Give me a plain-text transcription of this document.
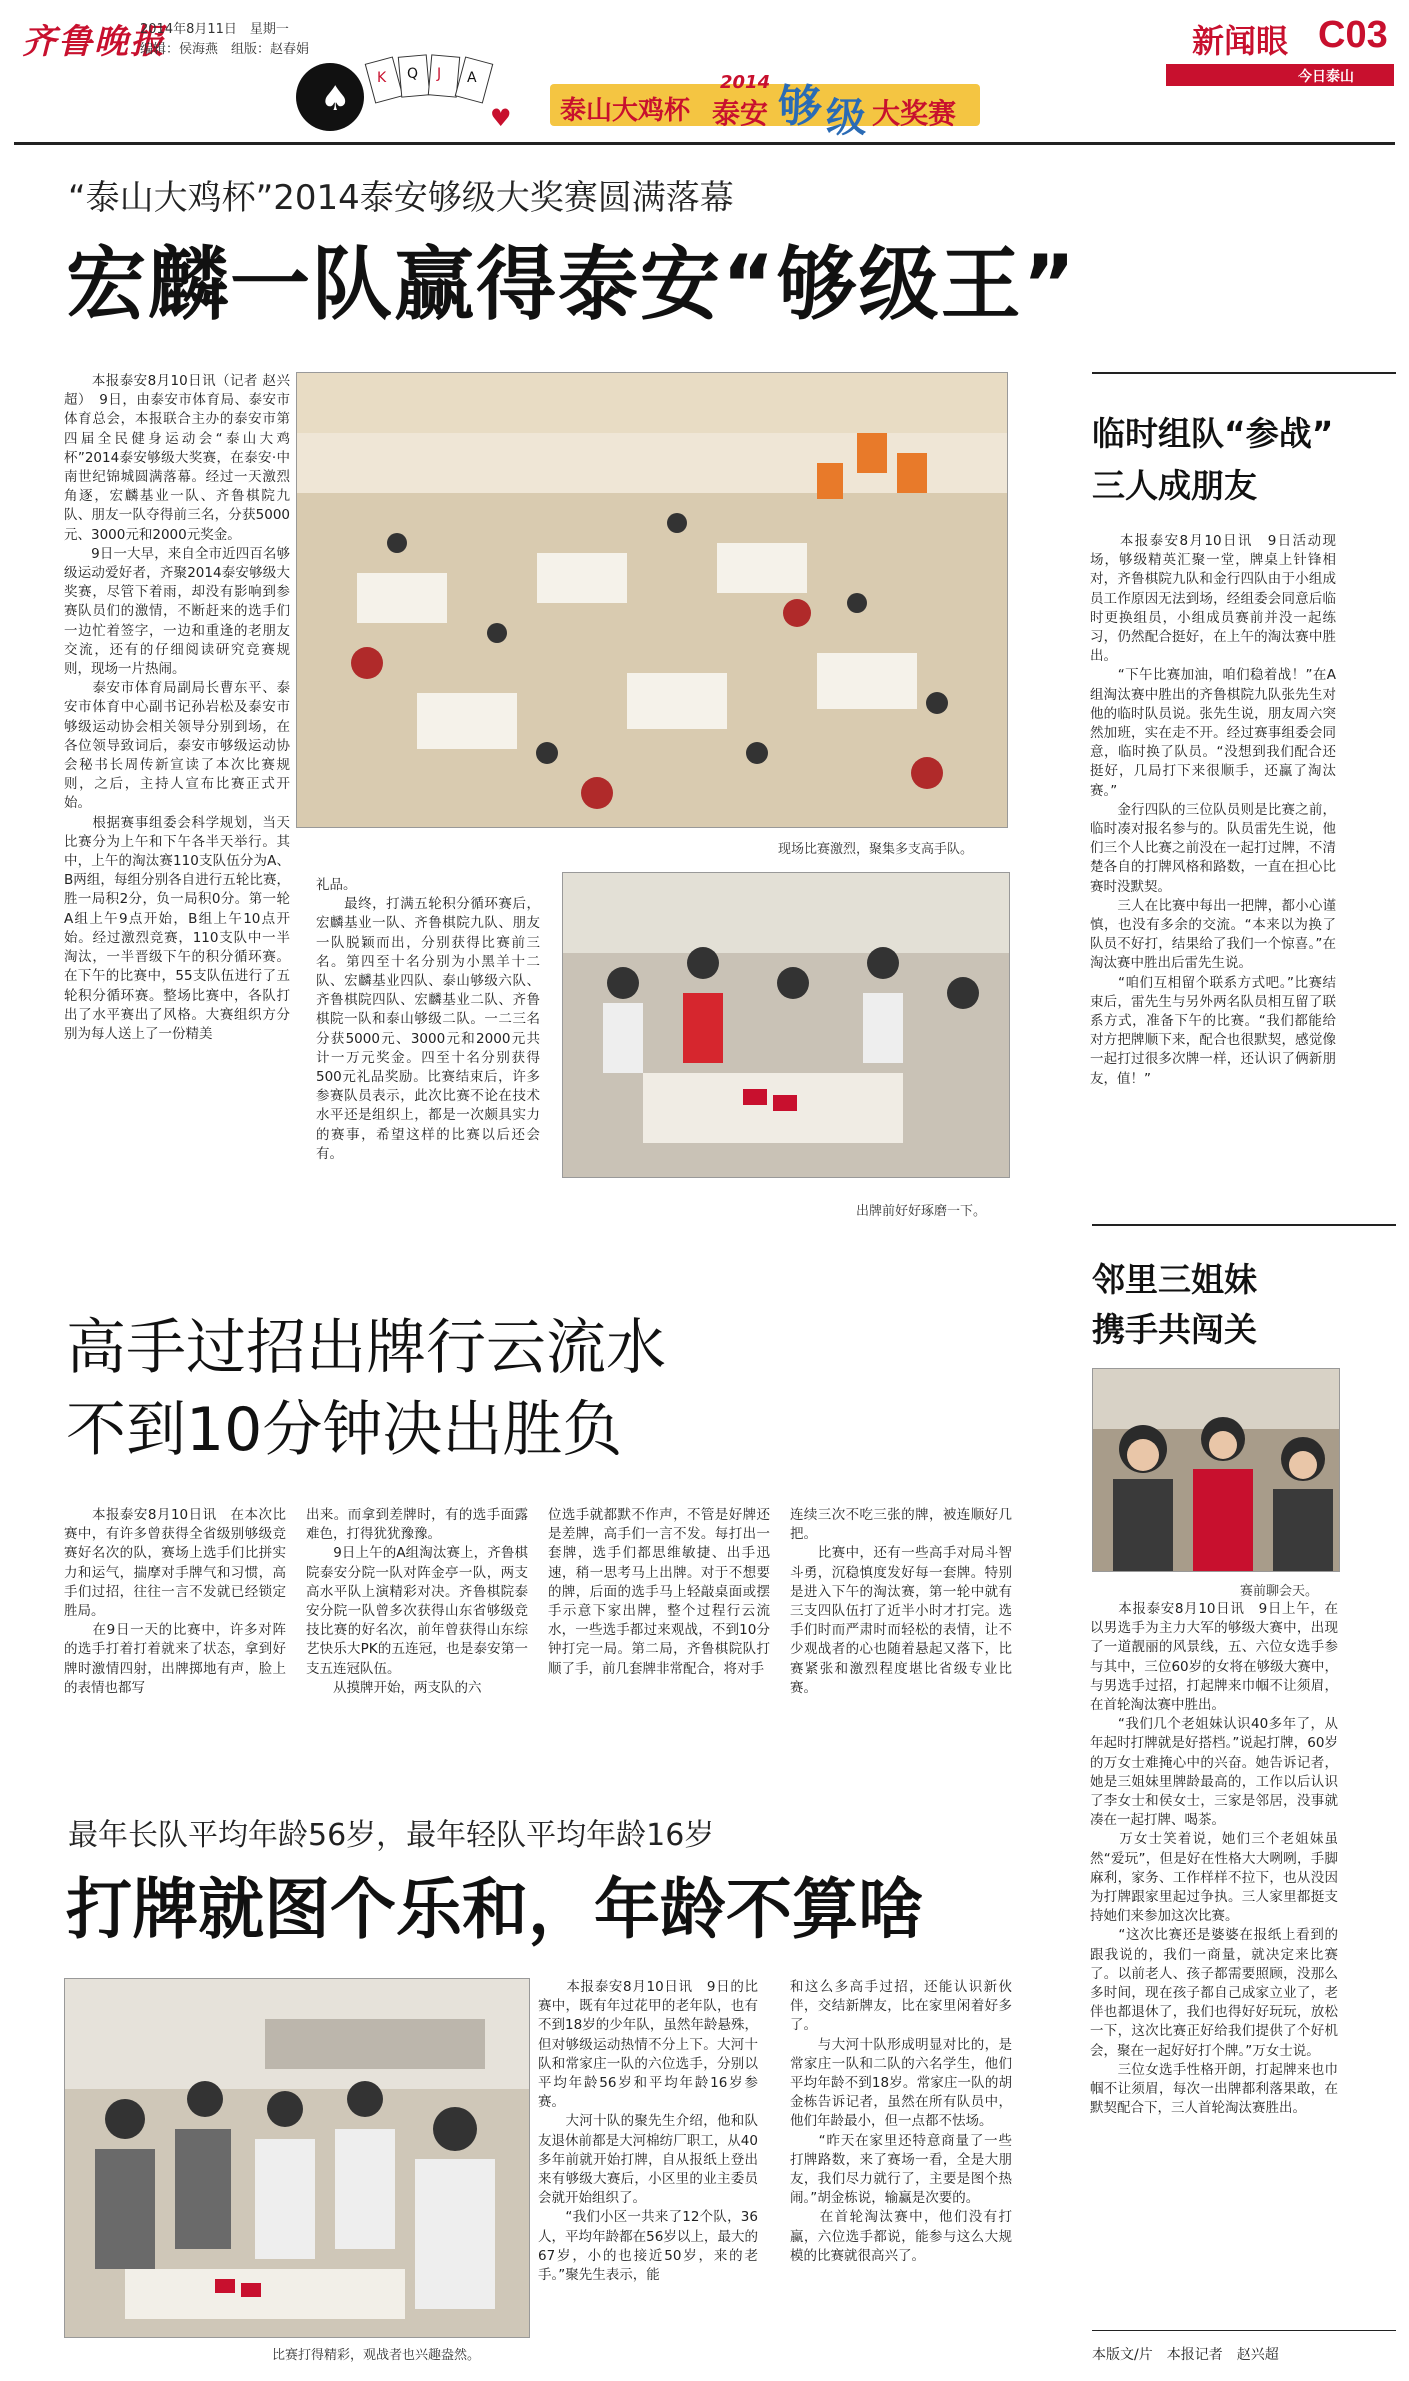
齐鲁晚报
2014年8月11日　星期一
编辑：侯海燕　组版：赵春娟	新闻眼 C03
今日泰山
♠
K Q J A
♥ 泰山大鸡杯
2014
泰安 够 级 大奖赛
“泰山大鸡杯”2014泰安够级大奖赛圆满落幕
宏麟一队赢得泰安“够级王”
　　本报泰安8月10日讯（记者 赵兴超）　9日，由泰安市体育局、泰安市体育总会，本报联合主办的泰安市第四届全民健身运动会“泰山大鸡杯”2014泰安够级大奖赛，在泰安·中南世纪锦城圆满落幕。经过一天激烈角逐，宏麟基业一队、齐鲁棋院九队、朋友一队夺得前三名，分获5000元、3000元和2000元奖金。
　　9日一大早，来自全市近四百名够级运动爱好者，齐聚2014泰安够级大奖赛，尽管下着雨，却没有影响到参赛队员们的激情，不断赶来的选手们一边忙着签字，一边和重逢的老朋友交流，还有的仔细阅读研究竞赛规则，现场一片热闹。
　　泰安市体育局副局长曹东平、泰安市体育中心副书记孙岩松及泰安市够级运动协会相关领导分别到场，在各位领导致词后，泰安市够级运动协会秘书长周传新宣读了本次比赛规则，之后，主持人宣布比赛正式开始。
　　根据赛事组委会科学规划，当天比赛分为上午和下午各半天举行。其中，上午的淘汰赛110支队伍分为A、B两组，每组分别各自进行五轮比赛，胜一局积2分，负一局积0分。第一轮A组上午9点开始，B组上午10点开始。经过激烈竞赛，110支队中一半淘汰，一半晋级下午的积分循环赛。在下午的比赛中，55支队伍进行了五轮积分循环赛。整场比赛中，各队打出了水平赛出了风格。大赛组织方分别为每人送上了一份精美
现场比赛激烈，聚集多支高手队。
礼品。
　　最终，打满五轮积分循环赛后，宏麟基业一队、齐鲁棋院九队、朋友一队脱颖而出，分别获得比赛前三名。第四至十名分别为小黑羊十二队、宏麟基业四队、泰山够级六队、齐鲁棋院四队、宏麟基业二队、齐鲁棋院一队和泰山够级二队。一二三名分获5000元、3000元和2000元共计一万元奖金。四至十名分别获得500元礼品奖励。比赛结束后，许多参赛队员表示，此次比赛不论在技术水平还是组织上，都是一次颇具实力的赛事，希望这样的比赛以后还会有。
出牌前好好琢磨一下。
临时组队“参战”
三人成朋友
　　本报泰安8月10日讯　9日活动现场，够级精英汇聚一堂，牌桌上针锋相对，齐鲁棋院九队和金行四队由于小组成员工作原因无法到场，经组委会同意后临时更换组员，小组成员赛前并没一起练习，仍然配合挺好，在上午的淘汰赛中胜出。
　　“下午比赛加油，咱们稳着战！”在A组淘汰赛中胜出的齐鲁棋院九队张先生对他的临时队员说。张先生说，朋友周六突然加班，实在走不开。经过赛事组委会同意，临时换了队员。“没想到我们配合还挺好，几局打下来很顺手，还赢了淘汰赛。”
　　金行四队的三位队员则是比赛之前，临时凑对报名参与的。队员雷先生说，他们三个人比赛之前没在一起打过牌，不清楚各自的打牌风格和路数，一直在担心比赛时没默契。
　　三人在比赛中每出一把牌，都小心谨慎，也没有多余的交流。“本来以为换了队员不好打，结果给了我们一个惊喜。”在淘汰赛中胜出后雷先生说。
　　“咱们互相留个联系方式吧。”比赛结束后，雷先生与另外两名队员相互留了联系方式，准备下午的比赛。“我们都能给对方把牌顺下来，配合也很默契，感觉像一起打过很多次牌一样，还认识了俩新朋友，值！”
高手过招出牌行云流水
不到10分钟决出胜负
　　本报泰安8月10日讯　在本次比赛中，有许多曾获得全省级别够级竞赛好名次的队，赛场上选手们比拼实力和运气，揣摩对手牌气和习惯，高手们过招，往往一言不发就已经锁定胜局。
　　在9日一天的比赛中，许多对阵的选手打着打着就来了状态，拿到好牌时激情四射，出牌掷地有声，脸上的表情也都写
出来。而拿到差牌时，有的选手面露难色，打得犹犹豫豫。
　　9日上午的A组淘汰赛上，齐鲁棋院泰安分院一队对阵金亭一队，两支高水平队上演精彩对决。齐鲁棋院泰安分院一队曾多次获得山东省够级竞技比赛的好名次，前年曾获得山东综艺快乐大PK的五连冠，也是泰安第一支五连冠队伍。
　　从摸牌开始，两支队的六
位选手就都默不作声，不管是好牌还是差牌，高手们一言不发。每打出一套牌，选手们都思维敏捷、出手迅速，稍一思考马上出牌。对于不想要的牌，后面的选手马上轻敲桌面或摆手示意下家出牌，整个过程行云流水，一些选手都过来观战，不到10分钟打完一局。第二局，齐鲁棋院队打顺了手，前几套牌非常配合，将对手
连续三次不吃三张的牌，被连顺好几把。
　　比赛中，还有一些高手对局斗智斗勇，沉稳慎度发好每一套牌。特别是进入下午的淘汰赛，第一轮中就有三支四队伍打了近半小时才打完。选手们时而严肃时而轻松的表情，让不少观战者的心也随着悬起又落下，比赛紧张和激烈程度堪比省级专业比赛。
最年长队平均年龄56岁，最年轻队平均年龄16岁
打牌就图个乐和，年龄不算啥
比赛打得精彩，观战者也兴趣盎然。
　　本报泰安8月10日讯　9日的比赛中，既有年过花甲的老年队，也有不到18岁的少年队，虽然年龄悬殊，但对够级运动热情不分上下。大河十队和常家庄一队的六位选手，分别以平均年龄56岁和平均年龄16岁参赛。
　　大河十队的聚先生介绍，他和队友退休前都是大河棉纺厂职工，从40多年前就开始打牌，自从报纸上登出来有够级大赛后，小区里的业主委员会就开始组织了。
　　“我们小区一共来了12个队，36人，平均年龄都在56岁以上，最大的67岁，小的也接近50岁，来的老手。”聚先生表示，能
和这么多高手过招，还能认识新伙伴，交结新牌友，比在家里闲着好多了。
　　与大河十队形成明显对比的，是常家庄一队和二队的六名学生，他们平均年龄不到18岁。常家庄一队的胡金栋告诉记者，虽然在所有队员中，他们年龄最小，但一点都不怯场。
　　“昨天在家里还特意商量了一些打牌路数，来了赛场一看，全是大朋友，我们尽力就行了，主要是图个热闹。”胡金栋说，输赢是次要的。
　　在首轮淘汰赛中，他们没有打赢，六位选手都说，能参与这么大规模的比赛就很高兴了。
邻里三姐妹
携手共闯关
赛前聊会天。
　　本报泰安8月10日讯　9日上午，在以男选手为主力大军的够级大赛中，出现了一道靓丽的风景线，五、六位女选手参与其中，三位60岁的女将在够级大赛中，与男选手过招，打起牌来巾帼不让须眉，在首轮淘汰赛中胜出。
　　“我们几个老姐妹认识40多年了，从年起时打牌就是好搭档。”说起打牌，60岁的万女士难掩心中的兴奋。她告诉记者，她是三姐妹里牌龄最高的，工作以后认识了李女士和侯女士，三家是邻居，没事就凑在一起打牌、喝茶。
　　万女士笑着说，她们三个老姐妹虽然“爱玩”，但是好在性格大大咧咧，手脚麻利，家务、工作样样不拉下，也从没因为打牌跟家里起过争执。三人家里都挺支持她们来参加这次比赛。
　　“这次比赛还是婆婆在报纸上看到的跟我说的，我们一商量，就决定来比赛了。以前老人、孩子都需要照顾，没那么多时间，现在孩子都自己成家立业了，老伴也都退休了，我们也得好好玩玩，放松一下，这次比赛正好给我们提供了个好机会，聚在一起好好打个牌。”万女士说。
　　三位女选手性格开朗，打起牌来也巾帼不让须眉，每次一出牌都利落果敢，在默契配合下，三人首轮淘汰赛胜出。
本版文/片　本报记者　赵兴超
